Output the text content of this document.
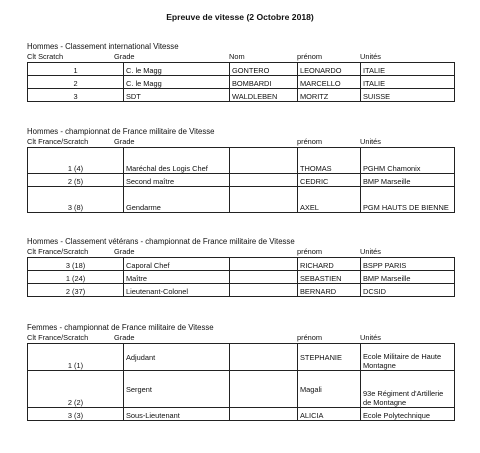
Epreuve de vitesse (2 Octobre 2018)
Hommes - Classement international Vitesse
Clt Scratch	Grade	Nom	prénom	Unités
1	C. le Magg	GONTERO	LEONARDO	ITALIE
2	C. le Magg	BOMBARDI	MARCELLO	ITALIE
3	SDT	WALDLEBEN	MORITZ	SUISSE
Hommes - championnat de France militaire de Vitesse
Clt France/Scratch	Grade	prénom	Unités
1 (4)	Maréchal des Logis Chef		THOMAS	PGHM Chamonix
2 (5)	Second maître		CEDRIC	BMP Marseille
3 (8)	Gendarme		AXEL	PGM HAUTS DE BIENNE
Hommes - Classement vétérans - championnat de France militaire de Vitesse
Clt France/Scratch	Grade	prénom	Unités
3 (18)	Caporal Chef		RICHARD	BSPP PARIS
1 (24)	Maître		SEBASTIEN	BMP Marseille
2 (37)	Lieutenant-Colonel		BERNARD	DCSID
Femmes - championnat de France militaire de Vitesse
Clt France/Scratch	Grade	prénom	Unités
1 (1)	Adjudant		STEPHANIE	Ecole Militaire de Haute Montagne
2 (2)	Sergent		Magali	93e Régiment d'Artillerie de Montagne
3 (3)	Sous-Lieutenant		ALICIA	Ecole Polytechnique
